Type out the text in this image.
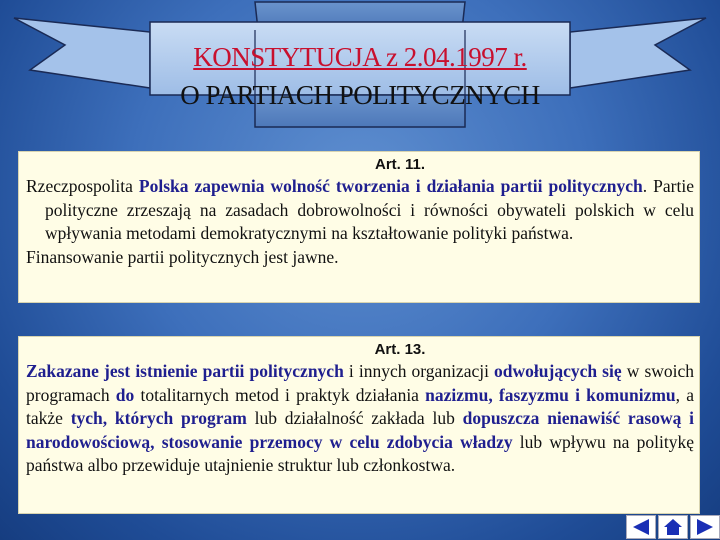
KONSTYTUCJA z 2.04.1997 r.
O PARTIACH POLITYCZNYCH
Art. 11.

Rzeczpospolita Polska zapewnia wolność tworzenia i działania partii politycznych. Partie polityczne zrzeszają na zasadach dobrowolności i równości obywateli polskich w celu wpływania metodami demokratycznymi na kształtowanie polityki państwa.

Finansowanie partii politycznych jest jawne.

Art. 13.

Zakazane jest istnienie partii politycznych i innych organizacji odwołujących się w swoich programach do totalitarnych metod i praktyk działania nazizmu, faszyzmu i komunizmu, a także tych, których program lub działalność zakłada lub dopuszcza nienawiść rasową i narodowościową, stosowanie przemocy w celu zdobycia władzy lub wpływu na politykę państwa albo przewiduje utajnienie struktur lub członkostwa.
